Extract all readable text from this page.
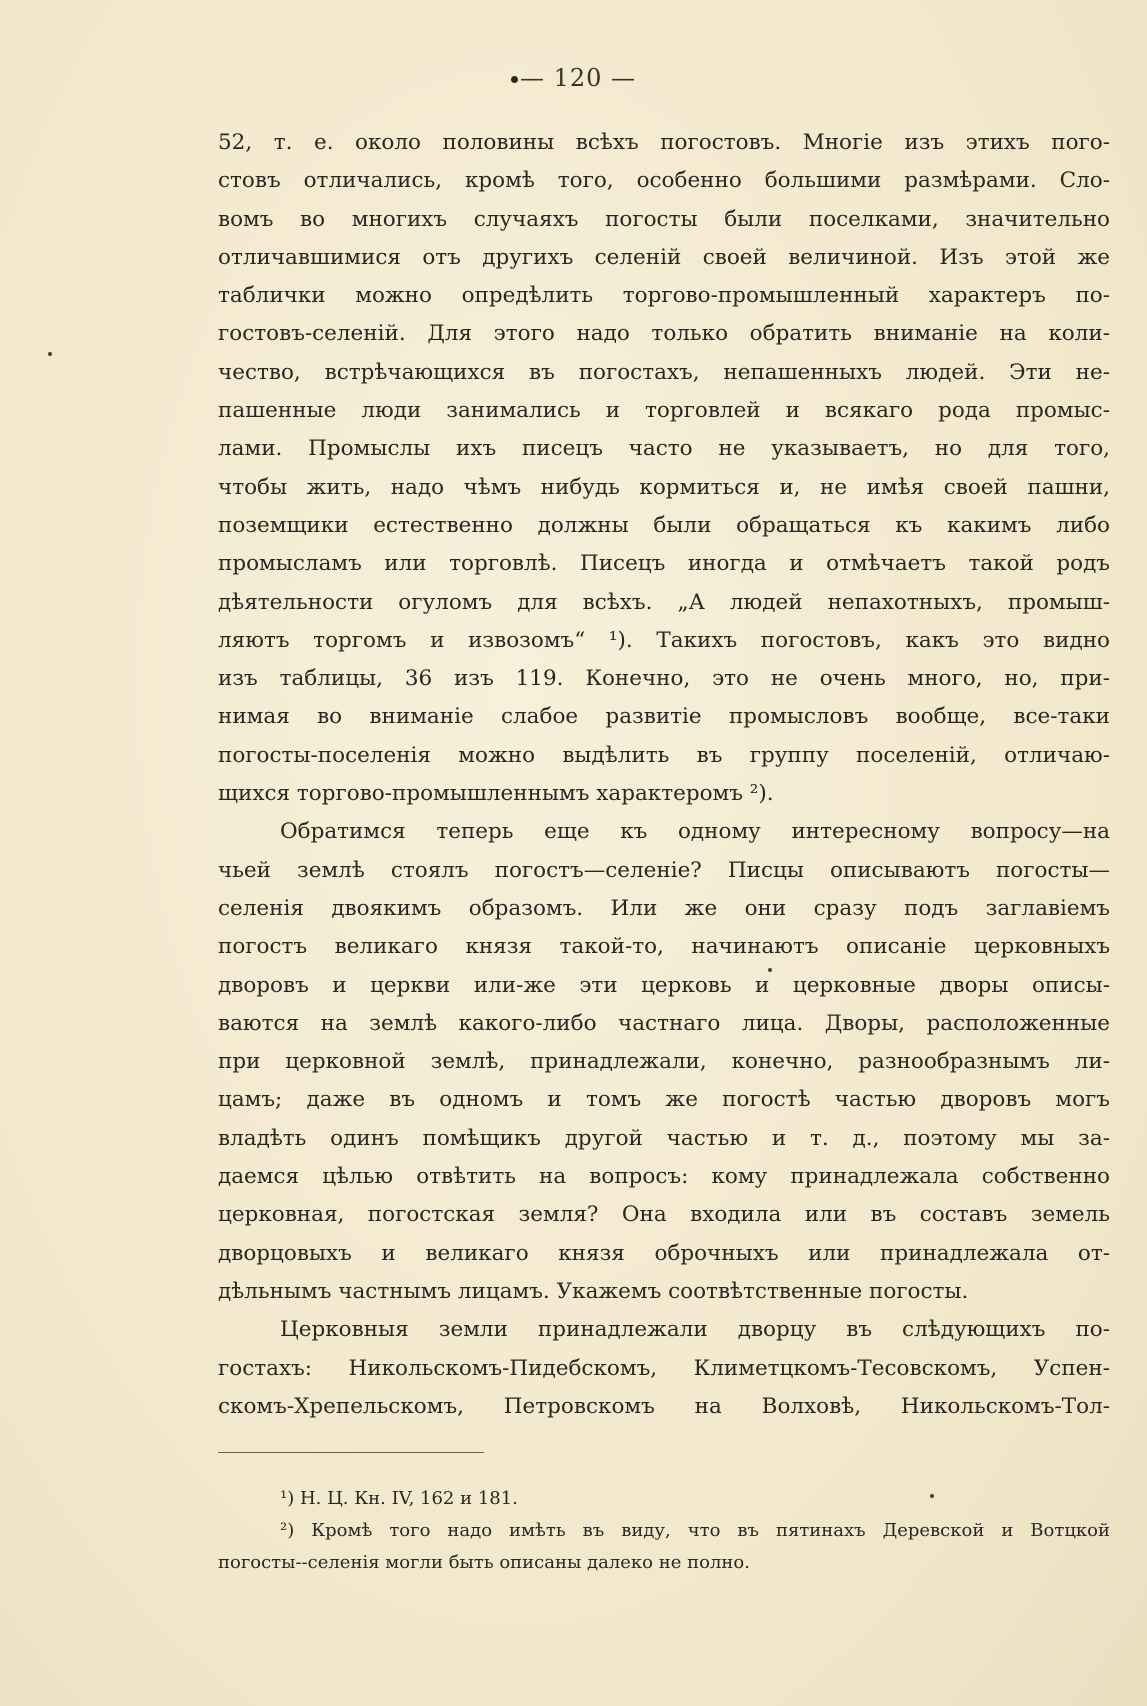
— 120 —
52, т. е. около половины всѣхъ погостовъ. Многіе изъ этихъ пого-
стовъ отличались, кромѣ того, особенно большими размѣрами. Сло-
вомъ во многихъ случаяхъ погосты были поселками, значительно
отличавшимися отъ другихъ селеній своей величиной. Изъ этой же
таблички можно опредѣлить торгово-промышленный характеръ по-
гостовъ-селеній. Для этого надо только обратить вниманіе на коли-
чество, встрѣчающихся въ погостахъ, непашенныхъ людей. Эти не-
пашенные люди занимались и торговлей и всякаго рода промыс-
лами. Промыслы ихъ писецъ часто не указываетъ, но для того,
чтобы жить, надо чѣмъ нибудь кормиться и, не имѣя своей пашни,
поземщики естественно должны были обращаться къ какимъ либо
промысламъ или торговлѣ. Писецъ иногда и отмѣчаетъ такой родъ
дѣятельности огуломъ для всѣхъ. „А людей непахотныхъ, промыш-
ляютъ торгомъ и извозомъ“ ¹). Такихъ погостовъ, какъ это видно
изъ таблицы, 36 изъ 119. Конечно, это не очень много, но, при-
нимая во вниманіе слабое развитіе промысловъ вообще, все-таки
погосты-поселенія можно выдѣлить въ группу поселеній, отличаю-
щихся торгово-промышленнымъ характеромъ ²).
Обратимся теперь еще къ одному интересному вопросу—на
чьей землѣ стоялъ погостъ—селеніе? Писцы описываютъ погосты—
селенія двоякимъ образомъ. Или же они сразу подъ заглавіемъ
погостъ великаго князя такой-то, начинаютъ описаніе церковныхъ
дворовъ и церкви или-же эти церковь и церковные дворы описы-
ваются на землѣ какого-либо частнаго лица. Дворы, расположенные
при церковной землѣ, принадлежали, конечно, разнообразнымъ ли-
цамъ; даже въ одномъ и томъ же погостѣ частью дворовъ могъ
владѣть одинъ помѣщикъ другой частью и т. д., поэтому мы за-
даемся цѣлью отвѣтить на вопросъ: кому принадлежала собственно
церковная, погостская земля? Она входила или въ составъ земель
дворцовыхъ и великаго князя оброчныхъ или принадлежала от-
дѣльнымъ частнымъ лицамъ. Укажемъ соотвѣтственные погосты.
Церковныя земли принадлежали дворцу въ слѣдующихъ по-
гостахъ: Никольскомъ-Пидебскомъ, Климетцкомъ-Тесовскомъ, Успен-
скомъ-Хрепельскомъ, Петровскомъ на Волховѣ, Никольскомъ-Тол-
¹) Н. Ц. Кн. IV, 162 и 181.
²) Кромѣ того надо имѣть въ виду, что въ пятинахъ Деревской и Вотцкой
погосты--селенія могли быть описаны далеко не полно.
